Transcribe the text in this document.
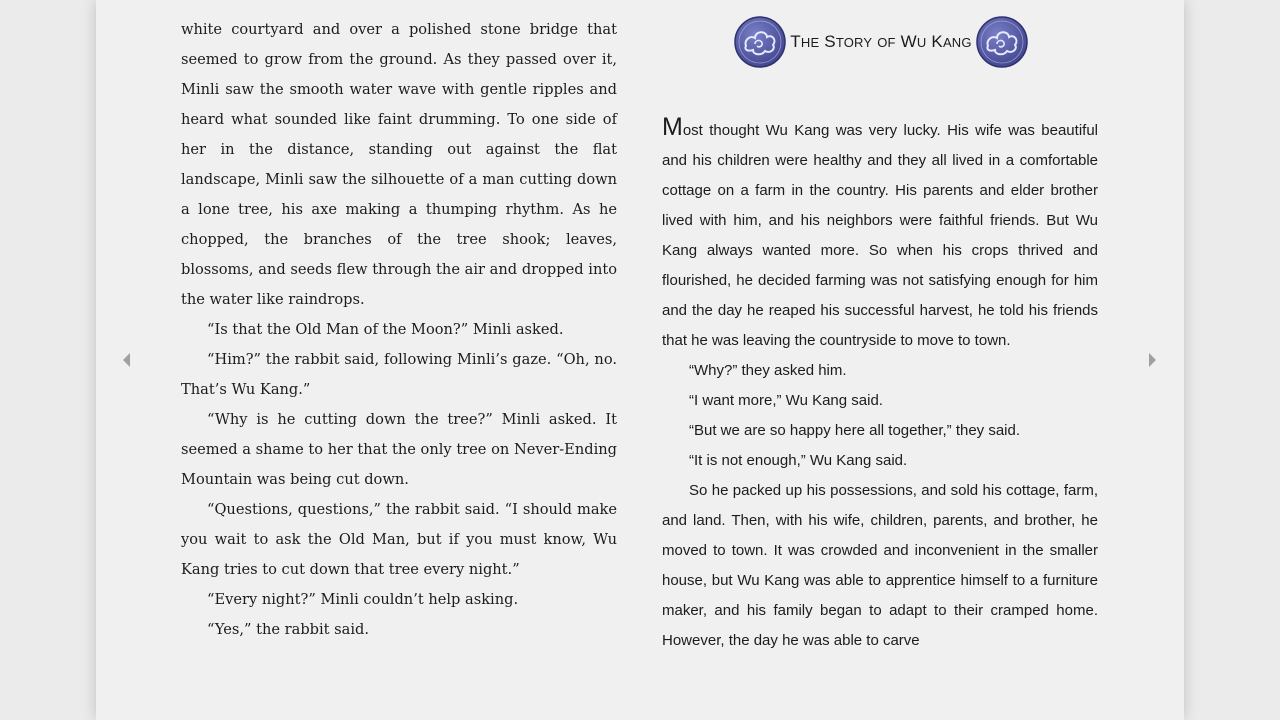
white courtyard and over a polished stone bridge that seemed to grow from the ground. As they passed over it, Minli saw the smooth water wave with gentle ripples and heard what sounded like faint drumming. To one side of her in the distance, standing out against the flat landscape, Minli saw the silhouette of a man cutting down a lone tree, his axe making a thumping rhythm. As he chopped, the branches of the tree shook; leaves, blossoms, and seeds flew through the air and dropped into the water like raindrops.

“Is that the Old Man of the Moon?” Minli asked.

“Him?” the rabbit said, following Minli’s gaze. “Oh, no. That’s Wu Kang.”

“Why is he cutting down the tree?” Minli asked. It seemed a shame to her that the only tree on Never-Ending Mountain was being cut down.

“Questions, questions,” the rabbit said. “I should make you wait to ask the Old Man, but if you must know, Wu Kang tries to cut down that tree every night.”

“Every night?” Minli couldn’t help asking.

“Yes,” the rabbit said.

THE STORY OF WU KANG

Most thought Wu Kang was very lucky. His wife was beautiful and his children were healthy and they all lived in a comfortable cottage on a farm in the country. His parents and elder brother lived with him, and his neighbors were faithful friends. But Wu Kang always wanted more. So when his crops thrived and flourished, he decided farming was not satisfying enough for him and the day he reaped his successful harvest, he told his friends that he was leaving the countryside to move to town.

“Why?” they asked him.

“I want more,” Wu Kang said.

“But we are so happy here all together,” they said.

“It is not enough,” Wu Kang said.

So he packed up his possessions, and sold his cottage, farm, and land. Then, with his wife, children, parents, and brother, he moved to town. It was crowded and inconvenient in the smaller house, but Wu Kang was able to apprentice himself to a furniture maker, and his family began to adapt to their cramped home. However, the day he was able to carve
